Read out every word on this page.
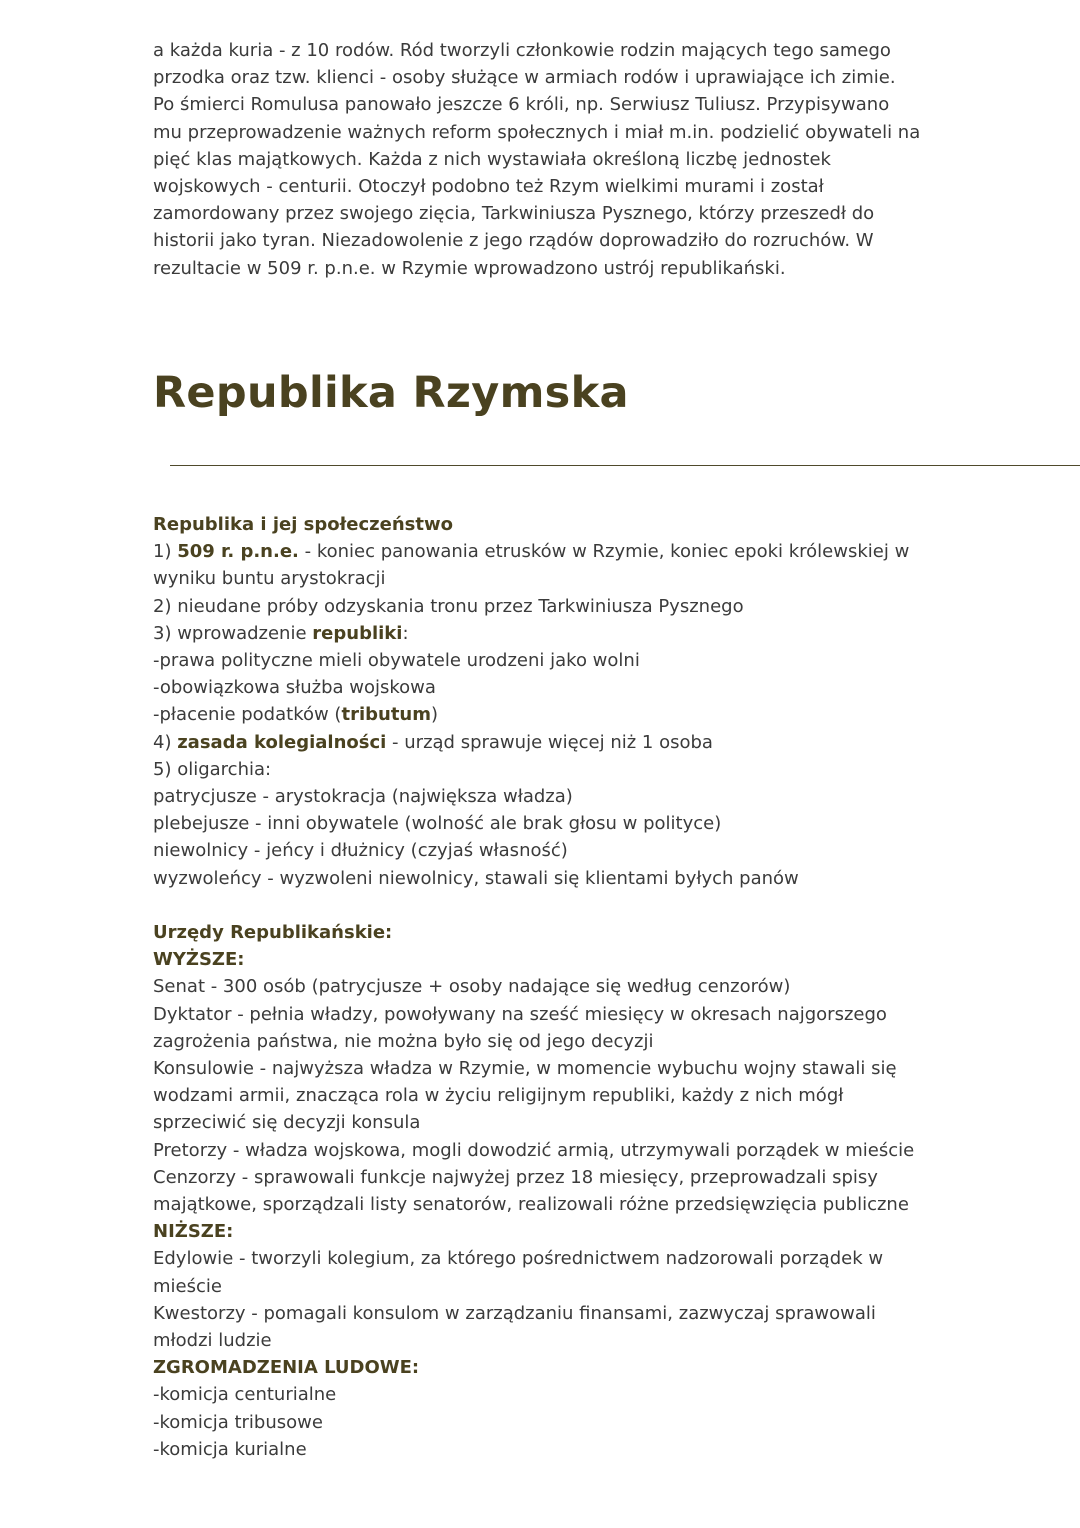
a każda kuria - z 10 rodów. Ród tworzyli członkowie rodzin mających tego samego
przodka oraz tzw. klienci - osoby służące w armiach rodów i uprawiające ich zimie.
Po śmierci Romulusa panowało jeszcze 6 króli, np. Serwiusz Tuliusz. Przypisywano
mu przeprowadzenie ważnych reform społecznych i miał m.in. podzielić obywateli na
pięć klas majątkowych. Każda z nich wystawiała określoną liczbę jednostek
wojskowych - centurii. Otoczył podobno też Rzym wielkimi murami i został
zamordowany przez swojego zięcia, Tarkwiniusza Pysznego, którzy przeszedł do
historii jako tyran. Niezadowolenie z jego rządów doprowadziło do rozruchów. W
rezultacie w 509 r. p.n.e. w Rzymie wprowadzono ustrój republikański.

Republika Rzymska
Republika i jej społeczeństwo
1) 509 r. p.n.e. - koniec panowania etrusków w Rzymie, koniec epoki królewskiej w
wyniku buntu arystokracji
2) nieudane próby odzyskania tronu przez Tarkwiniusza Pysznego
3) wprowadzenie republiki:
-prawa polityczne mieli obywatele urodzeni jako wolni
-obowiązkowa służba wojskowa
-płacenie podatków (tributum)
4) zasada kolegialności - urząd sprawuje więcej niż 1 osoba
5) oligarchia:
patrycjusze - arystokracja (największa władza)
plebejusze - inni obywatele (wolność ale brak głosu w polityce)
niewolnicy - jeńcy i dłużnicy (czyjaś własność)
wyzwoleńcy - wyzwoleni niewolnicy, stawali się klientami byłych panów
Urzędy Republikańskie:
WYŻSZE:
Senat - 300 osób (patrycjusze + osoby nadające się według cenzorów)
Dyktator - pełnia władzy, powoływany na sześć miesięcy w okresach najgorszego
zagrożenia państwa, nie można było się od jego decyzji
Konsulowie - najwyższa władza w Rzymie, w momencie wybuchu wojny stawali się
wodzami armii, znacząca rola w życiu religijnym republiki, każdy z nich mógł
sprzeciwić się decyzji konsula
Pretorzy - władza wojskowa, mogli dowodzić armią, utrzymywali porządek w mieście
Cenzorzy - sprawowali funkcje najwyżej przez 18 miesięcy, przeprowadzali spisy
majątkowe, sporządzali listy senatorów, realizowali różne przedsięwzięcia publiczne
NIŻSZE:
Edylowie - tworzyli kolegium, za którego pośrednictwem nadzorowali porządek w
mieście
Kwestorzy - pomagali konsulom w zarządzaniu finansami, zazwyczaj sprawowali
młodzi ludzie
ZGROMADZENIA LUDOWE:
-komicja centurialne
-komicja tribusowe
-komicja kurialne
